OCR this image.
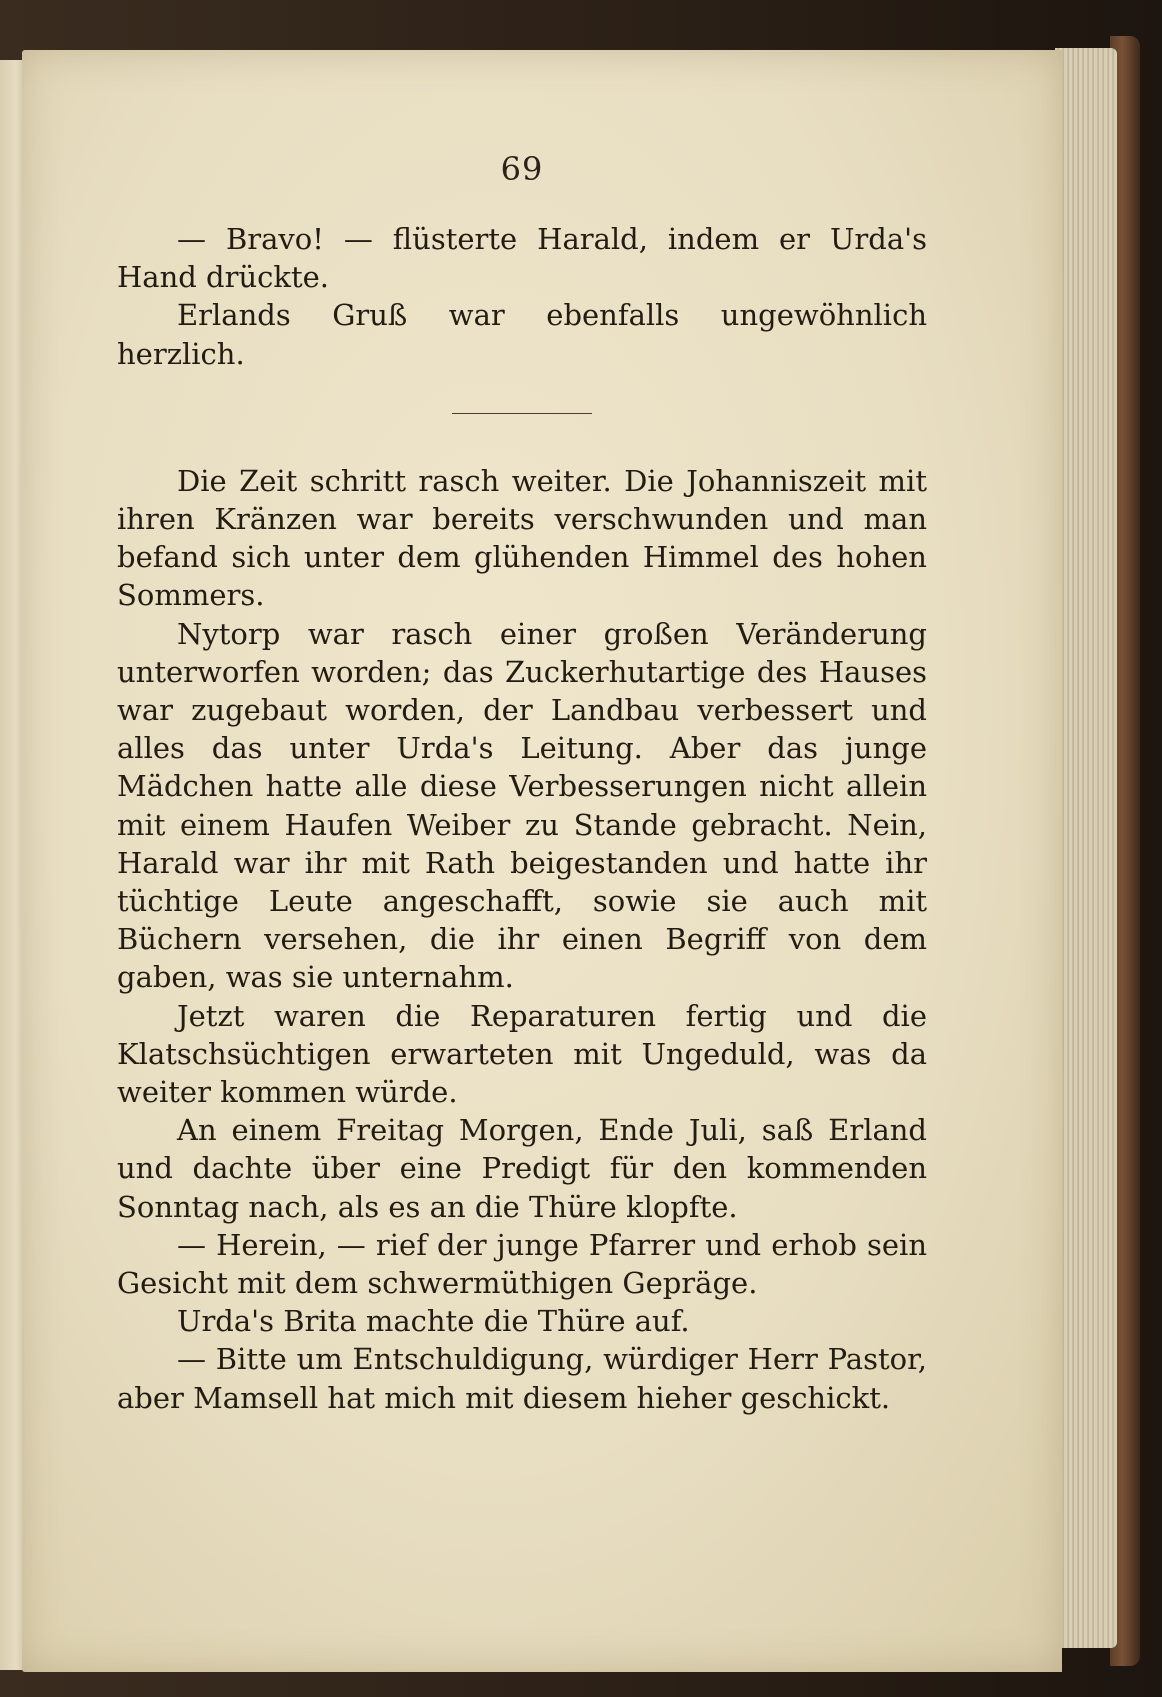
69

— Bravo! — flüsterte Harald, indem er Urda's Hand drückte.

Erlands Gruß war ebenfalls ungewöhnlich herzlich.

Die Zeit schritt rasch weiter. Die Johanniszeit mit ihren Kränzen war bereits verschwunden und man befand sich unter dem glühenden Himmel des hohen Sommers.

Nytorp war rasch einer großen Veränderung unterworfen worden; das Zuckerhutartige des Hauses war zugebaut worden, der Landbau verbessert und alles das unter Urda's Leitung. Aber das junge Mädchen hatte alle diese Verbesserungen nicht allein mit einem Haufen Weiber zu Stande gebracht. Nein, Harald war ihr mit Rath beigestanden und hatte ihr tüchtige Leute angeschafft, sowie sie auch mit Büchern versehen, die ihr einen Begriff von dem gaben, was sie unternahm.

Jetzt waren die Reparaturen fertig und die Klatschsüchtigen erwarteten mit Ungeduld, was da weiter kommen würde.

An einem Freitag Morgen, Ende Juli, saß Erland und dachte über eine Predigt für den kommenden Sonntag nach, als es an die Thüre klopfte.

— Herein, — rief der junge Pfarrer und erhob sein Gesicht mit dem schwermüthigen Gepräge.

Urda's Brita machte die Thüre auf.

— Bitte um Entschuldigung, würdiger Herr Pastor, aber Mamsell hat mich mit diesem hieher geschickt.
